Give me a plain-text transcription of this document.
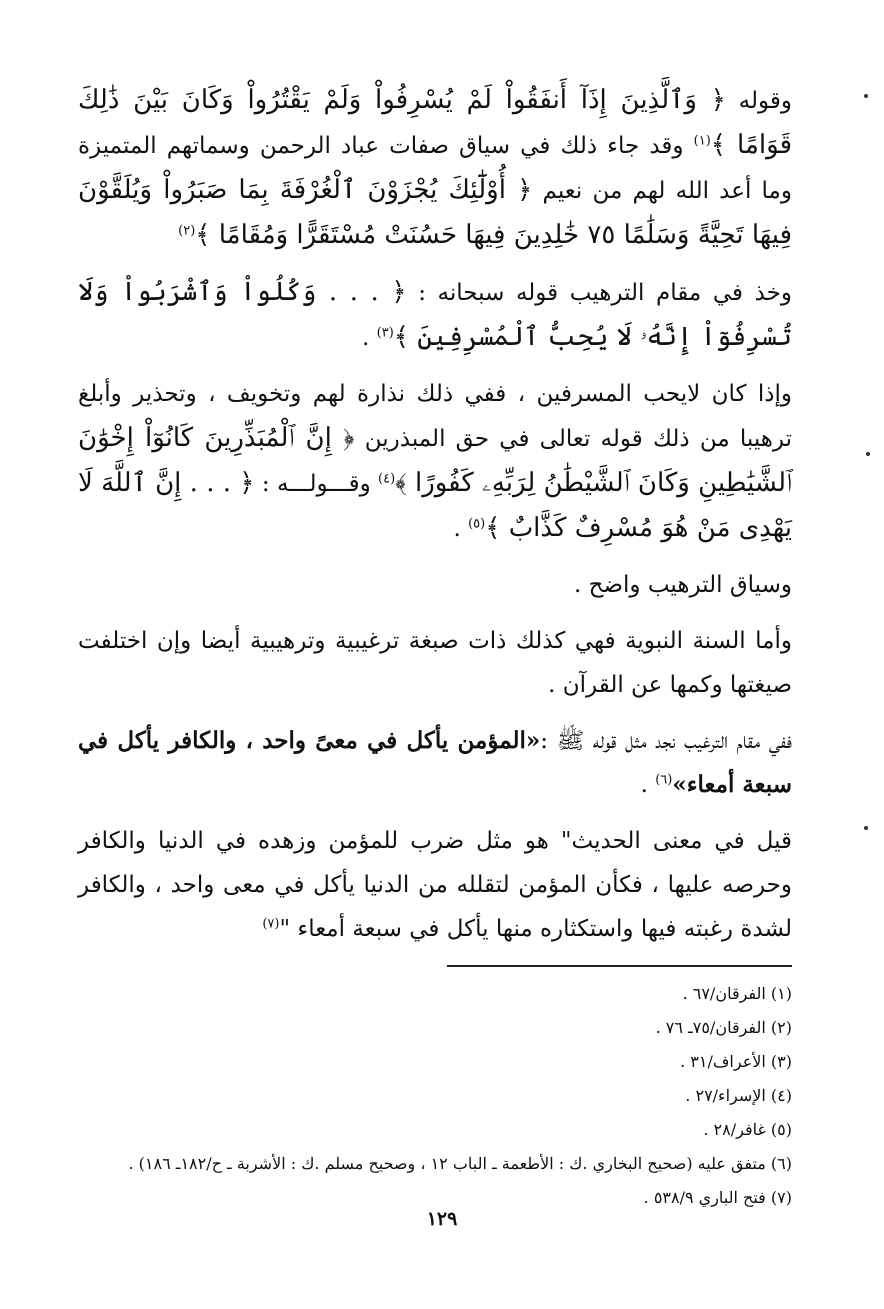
وقوله ﴿ وَٱلَّذِينَ إِذَآ أَنفَقُواْ لَمْ يُسْرِفُواْ وَلَمْ يَقْتُرُواْ وَكَانَ بَيْنَ ذَٰلِكَ قَوَامًا ﴾$^{(١)}$ وقد جاء ذلك في سياق صفات عباد الرحمن وسماتهم المتميزة وما أعد الله لهم من نعيم ﴿ أُوْلَٰٓئِكَ يُجْزَوْنَ ٱلْغُرْفَةَ بِمَا صَبَرُواْ وَيُلَقَّوْنَ فِيهَا تَحِيَّةً وَسَلَٰمًا ٧٥ خَٰلِدِينَ فِيهَا حَسُنَتْ مُسْتَقَرًّا وَمُقَامًا ﴾$^{(٢)}$

وخذ في مقام الترهيب قوله سبحانه : ﴿ . . . وَكُلُواْ وَٱشْرَبُواْ وَلَا تُسْرِفُوٓاْ إِنَّهُۥ لَا يُحِبُّ ٱلْمُسْرِفِينَ ﴾$^{(٣)}$ .

وإذا كان لايحب المسرفين ، ففي ذلك نذارة لهم وتخويف ، وتحذير وأبلغ ترهيبا من ذلك قوله تعالى في حق المبذرين ﴿ إِنَّ ٱلْمُبَذِّرِينَ كَانُوٓاْ إِخْوَٰنَ ٱلشَّيَٰطِينِ وَكَانَ ٱلشَّيْطَٰنُ لِرَبِّهِۦ كَفُورًا ﴾$^{(٤)}$ وقـــولـــه : ﴿ . . . إِنَّ ٱللَّهَ لَا يَهْدِى مَنْ هُوَ مُسْرِفٌ كَذَّابٌ ﴾$^{(٥)}$ .

وسياق الترهيب واضح .

وأما السنة النبوية فهي كذلك ذات صبغة ترغيبية وترهيبية أيضا وإن اختلفت صيغتها وكمها عن القرآن .

ففي مقام الترغيب نجد مثل قوله ﷺ :«المؤمن يأكل في معىً واحد ، والكافر يأكل في سبعة أمعاء»$^{(٦)}$ .

قيل في معنى الحديث" هو مثل ضرب للمؤمن وزهده في الدنيا والكافر وحرصه عليها ، فكأن المؤمن لتقلله من الدنيا يأكل في معى واحد ، والكافر لشدة رغبته فيها واستكثاره منها يأكل في سبعة أمعاء "$^{(٧)}$

(١) الفرقان/٦٧ .
(٢) الفرقان/٧٥ـ ٧٦ .
(٣) الأعراف/٣١ .
(٤) الإسراء/٢٧ .
(٥) غافر/٢٨ .
(٦) متفق عليه (صحيح البخاري .ك : الأطعمة ـ الباب ١٢ ، وصحيح مسلم .ك : الأشربة ـ ح/١٨٢ـ ١٨٦) .
(٧) فتح الباري ٥٣٨/٩ .
١٢٩
